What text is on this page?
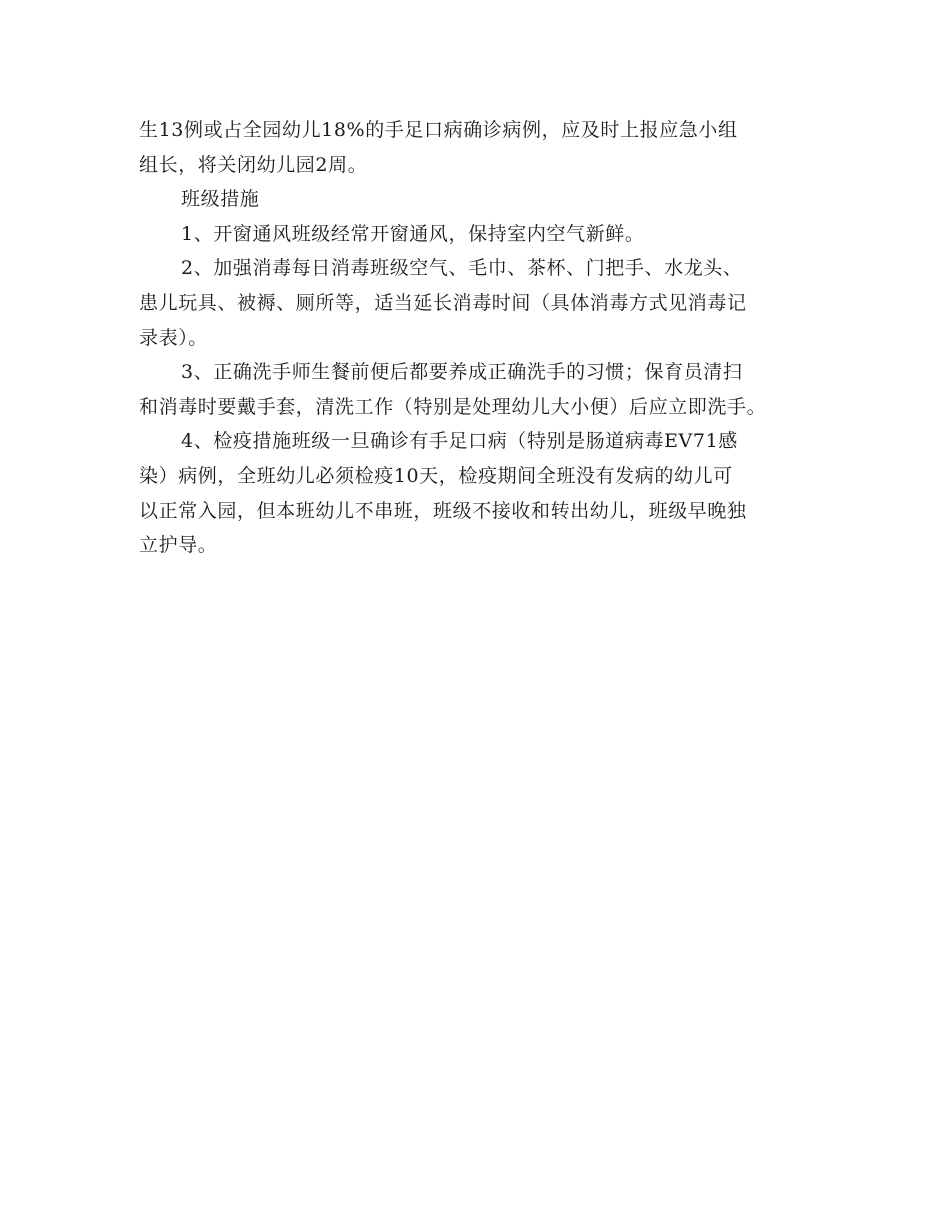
生13例或占全园幼儿18%的手足口病确诊病例，应及时上报应急小组
组长，将关闭幼儿园2周。

班级措施

1、开窗通风班级经常开窗通风，保持室内空气新鲜。

2、加强消毒每日消毒班级空气、毛巾、茶杯、门把手、水龙头、
患儿玩具、被褥、厕所等，适当延长消毒时间（具体消毒方式见消毒记
录表）。

3、正确洗手师生餐前便后都要养成正确洗手的习惯；保育员清扫
和消毒时要戴手套，清洗工作（特别是处理幼儿大小便）后应立即洗手。

4、检疫措施班级一旦确诊有手足口病（特别是肠道病毒EV71感
染）病例，全班幼儿必须检疫10天，检疫期间全班没有发病的幼儿可
以正常入园，但本班幼儿不串班，班级不接收和转出幼儿，班级早晚独
立护导。
